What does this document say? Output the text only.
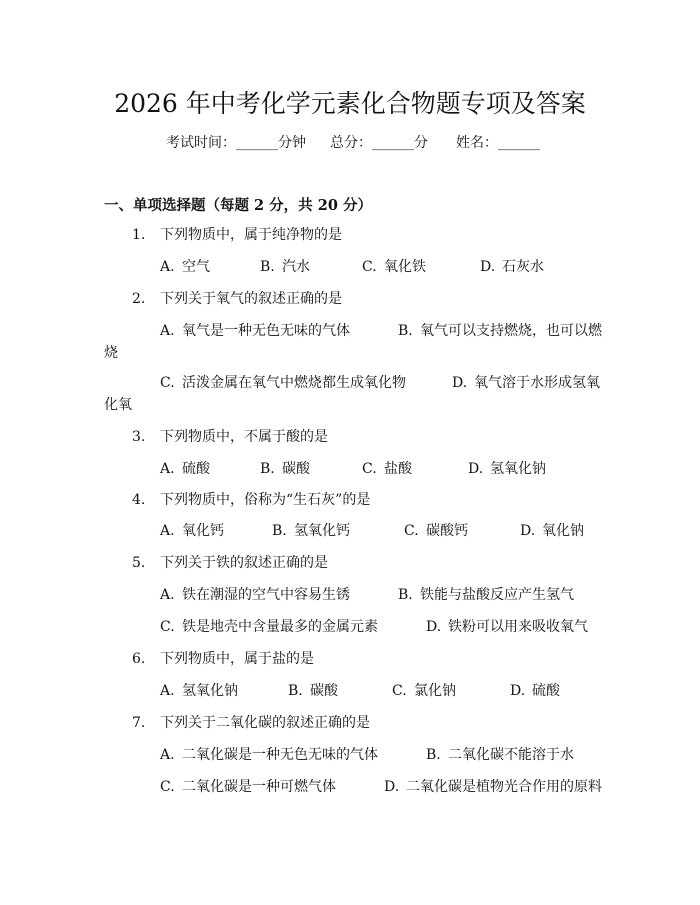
2026 年中考化学元素化合物题专项及答案
考试时间：______分钟 总分：______分 姓名：______
一、单项选择题（每题 2 分，共 20 分）
1. 下列物质中，属于纯净物的是
A. 空气	B. 汽水	C. 氧化铁	D. 石灰水
2. 下列关于氧气的叙述正确的是
A. 氧气是一种无色无味的气体	B. 氧气可以支持燃烧，也可以燃
C. 活泼金属在氧气中燃烧都生成氧化物	D. 氧气溶于水形成氢氧
烧
化氧
3. 下列物质中，不属于酸的是
A. 硫酸	B. 碳酸	C. 盐酸	D. 氢氧化钠
4. 下列物质中，俗称为“生石灰”的是
A. 氧化钙	B. 氢氧化钙	C. 碳酸钙	D. 氧化钠
5. 下列关于铁的叙述正确的是
A. 铁在潮湿的空气中容易生锈	B. 铁能与盐酸反应产生氢气
C. 铁是地壳中含量最多的金属元素	D. 铁粉可以用来吸收氧气
6. 下列物质中，属于盐的是
A. 氢氧化钠	B. 碳酸	C. 氯化钠	D. 硫酸
7. 下列关于二氧化碳的叙述正确的是
A. 二氧化碳是一种无色无味的气体	B. 二氧化碳不能溶于水
C. 二氧化碳是一种可燃气体	D. 二氧化碳是植物光合作用的原料
